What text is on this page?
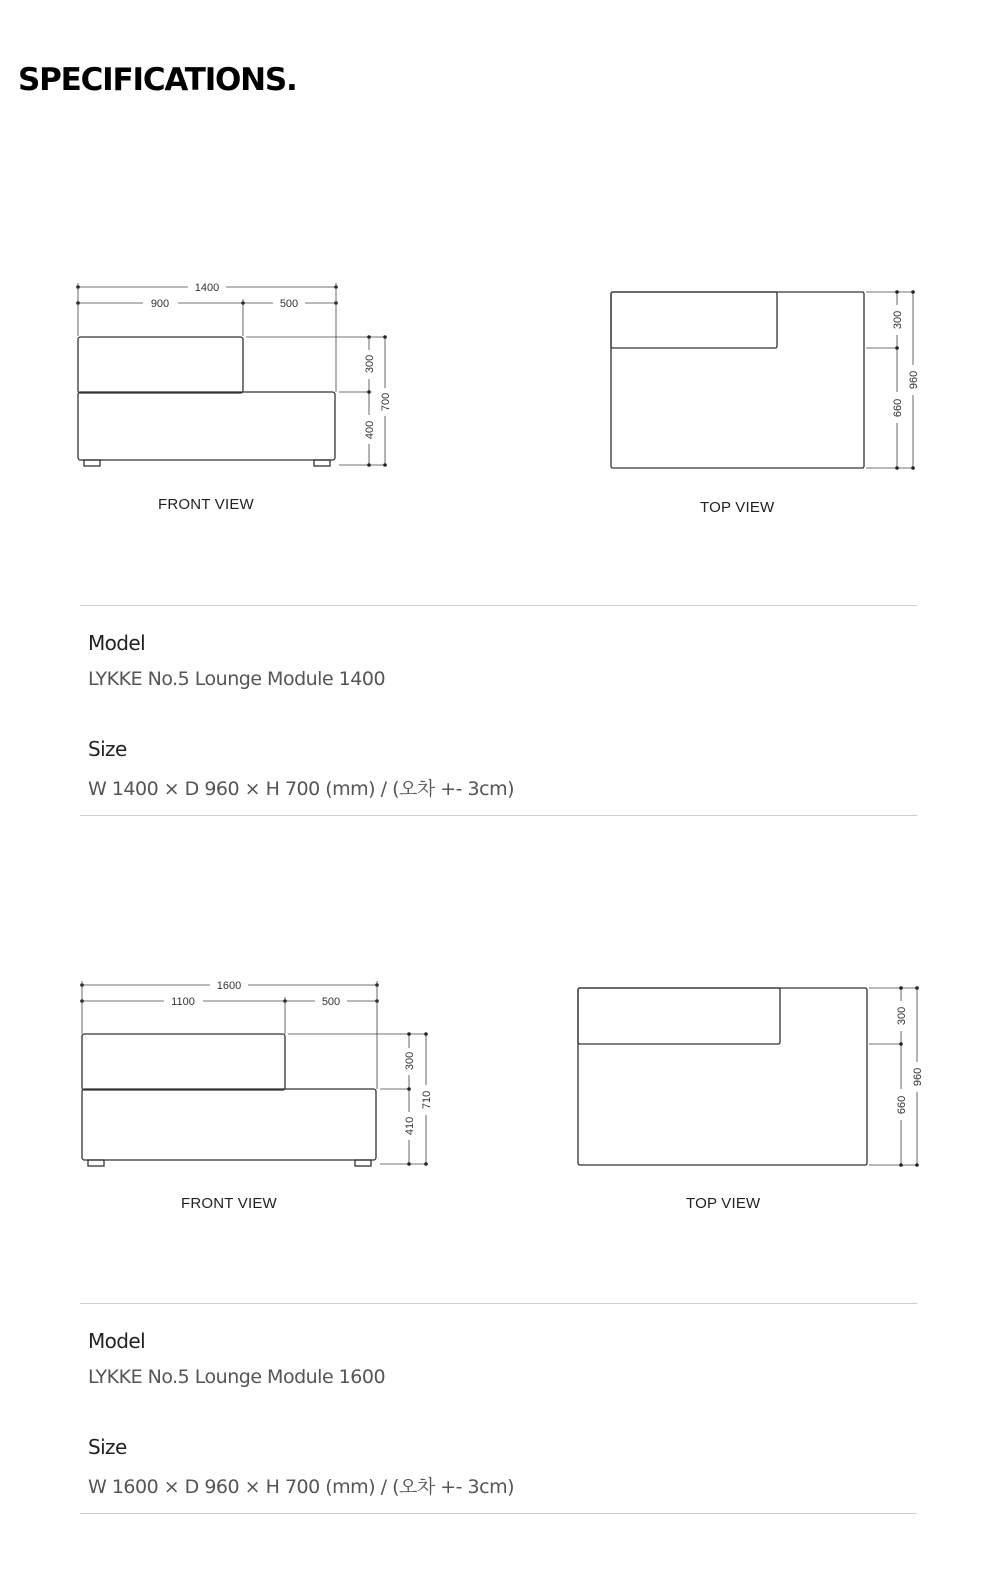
SPECIFICATIONS.
1400
900	500
300
400
700
FRONT VIEW
300
660
960
TOP VIEW
Model

LYKKE No.5 Lounge Module 1400

Size

W 1400 × D 960 × H 700 (mm) / (오차 +- 3cm)

1600
1100	500
300
410
710
FRONT VIEW
300
660
960
TOP VIEW
Model

LYKKE No.5 Lounge Module 1600

Size

W 1600 × D 960 × H 700 (mm) / (오차 +- 3cm)
